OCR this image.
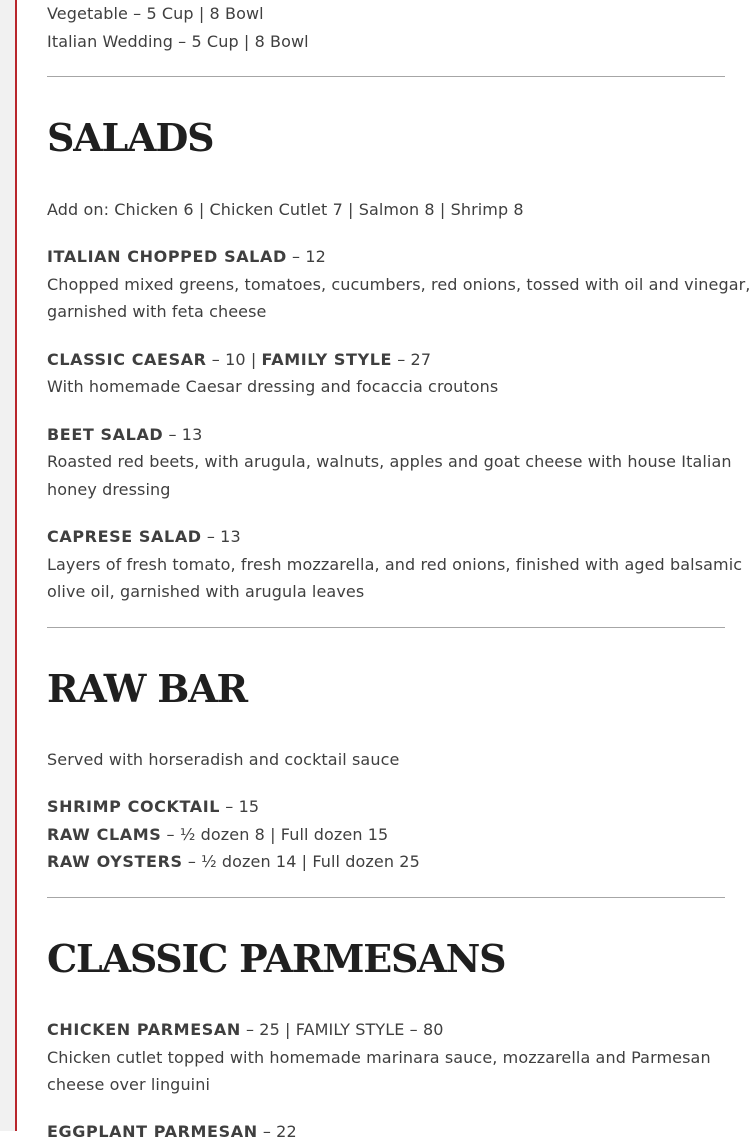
Vegetable – 5 Cup | 8 Bowl
Italian Wedding – 5 Cup | 8 Bowl
SALADS
Add on: Chicken 6 | Chicken Cutlet 7 | Salmon 8 | Shrimp 8
ITALIAN CHOPPED SALAD – 12
Chopped mixed greens, tomatoes, cucumbers, red onions, tossed with oil and vinegar,
garnished with feta cheese
CLASSIC CAESAR – 10 | FAMILY STYLE – 27
With homemade Caesar dressing and focaccia croutons
BEET SALAD – 13
Roasted red beets, with arugula, walnuts, apples and goat cheese with house Italian
honey dressing
CAPRESE SALAD – 13
Layers of fresh tomato, fresh mozzarella, and red onions, finished with aged balsamic
olive oil, garnished with arugula leaves
RAW BAR
Served with horseradish and cocktail sauce
SHRIMP COCKTAIL – 15
RAW CLAMS – ½ dozen 8 | Full dozen 15
RAW OYSTERS – ½ dozen 14 | Full dozen 25
CLASSIC PARMESANS
CHICKEN PARMESAN – 25 | FAMILY STYLE – 80
Chicken cutlet topped with homemade marinara sauce, mozzarella and Parmesan
cheese over linguini
EGGPLANT PARMESAN – 22
